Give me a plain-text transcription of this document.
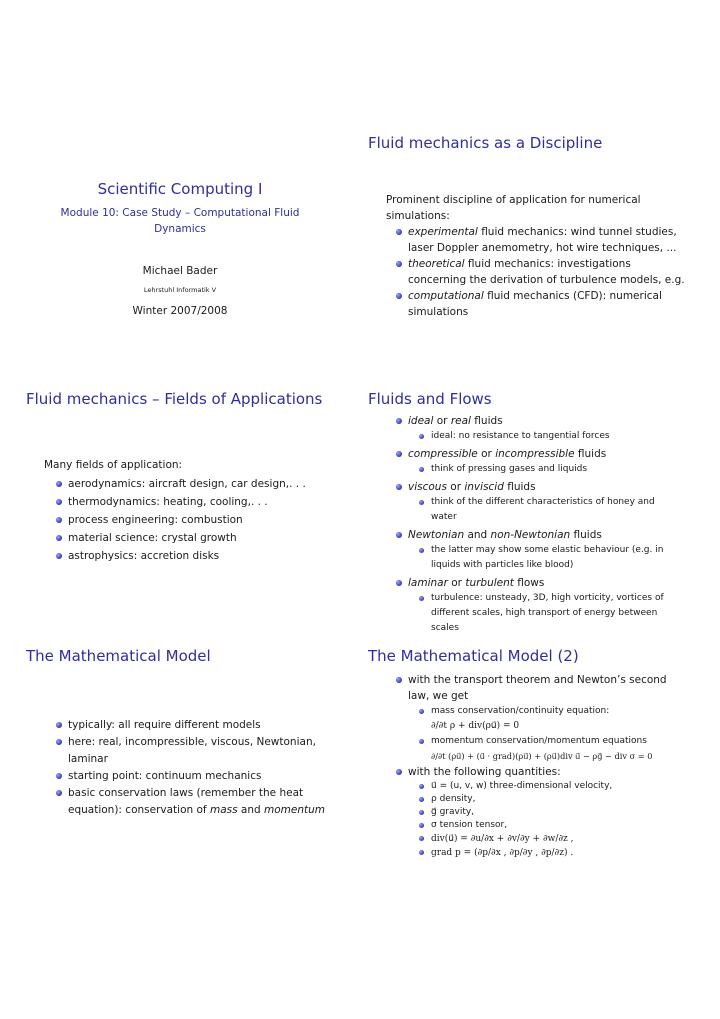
Scientific Computing I
Module 10: Case Study – Computational Fluid
Dynamics
Michael Bader
Lehrstuhl Informatik V
Winter 2007/2008
Fluid mechanics as a Discipline
Prominent discipline of application for numerical
simulations:
experimental fluid mechanics: wind tunnel studies,
laser Doppler anemometry, hot wire techniques, ...
theoretical fluid mechanics: investigations
concerning the derivation of turbulence models, e.g.
computational fluid mechanics (CFD): numerical
simulations
Fluid mechanics – Fields of Applications
Many fields of application:
aerodynamics: aircraft design, car design,. . .
thermodynamics: heating, cooling,. . .
process engineering: combustion
material science: crystal growth
astrophysics: accretion disks
Fluids and Flows
ideal or real fluids
ideal: no resistance to tangential forces
compressible or incompressible fluids
think of pressing gases and liquids
viscous or inviscid fluids
think of the different characteristics of honey and
water
Newtonian and non-Newtonian fluids
the latter may show some elastic behaviour (e.g. in
liquids with particles like blood)
laminar or turbulent flows
turbulence: unsteady, 3D, high vorticity, vortices of
different scales, high transport of energy between
scales
The Mathematical Model
typically: all require different models
here: real, incompressible, viscous, Newtonian,
laminar
starting point: continuum mechanics
basic conservation laws (remember the heat
equation): conservation of mass and momentum
The Mathematical Model (2)
with the transport theorem and Newton’s second
law, we get
mass conservation/continuity equation:
∂/∂t ρ + div(ρu⃗) = 0
momentum conservation/momentum equations
∂/∂t (ρu⃗) + (u⃗ · grad)(ρu⃗) + (ρu⃗)div u⃗ − ρg⃗ − div σ = 0
with the following quantities:
u⃗ = (u, v, w) three-dimensional velocity,
ρ density,
g⃗ gravity,
σ tension tensor,
div(u⃗) = ∂u/∂x + ∂v/∂y + ∂w/∂z ,
grad p = (∂p/∂x , ∂p/∂y , ∂p/∂z) .
